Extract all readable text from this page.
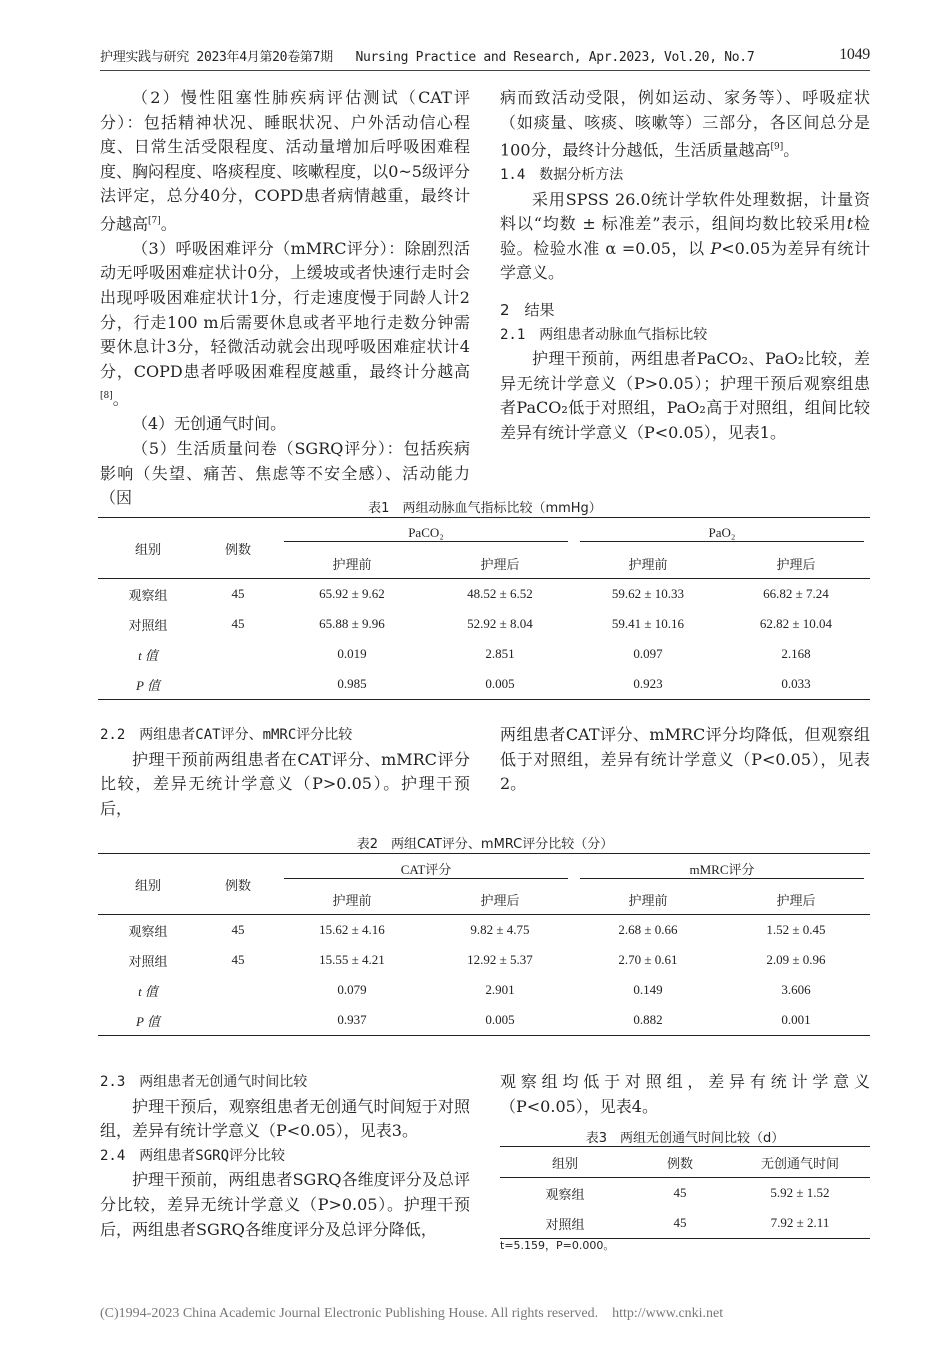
护理实践与研究 2023年4月第20卷第7期 Nursing Practice and Research, Apr.2023, Vol.20, No.7	1049

（2）慢性阻塞性肺疾病评估测试（CAT评分）：包括精神状况、睡眠状况、户外活动信心程度、日常生活受限程度、活动量增加后呼吸困难程度、胸闷程度、咯痰程度、咳嗽程度，以0~5级评分法评定，总分40分，COPD患者病情越重，最终计分越高[7]。

（3）呼吸困难评分（mMRC评分）：除剧烈活动无呼吸困难症状计0分，上缓坡或者快速行走时会出现呼吸困难症状计1分，行走速度慢于同龄人计2分，行走100 m后需要休息或者平地行走数分钟需要休息计3分，轻微活动就会出现呼吸困难症状计4分，COPD患者呼吸困难程度越重，最终计分越高[8]。

（4）无创通气时间。

（5）生活质量问卷（SGRQ评分）：包括疾病影响（失望、痛苦、焦虑等不安全感）、活动能力（因

病而致活动受限，例如运动、家务等）、呼吸症状（如痰量、咳痰、咳嗽等）三部分，各区间总分是100分，最终计分越低，生活质量越高[9]。

1.4　数据分析方法

采用SPSS 26.0统计学软件处理数据，计量资料以“均数 ± 标准差”表示，组间均数比较采用t检验。检验水准 α =0.05，以 P<0.05为差异有统计学意义。

2　结果

2.1　两组患者动脉血气指标比较

护理干预前，两组患者PaCO₂、PaO₂比较，差异无统计学意义（P>0.05）；护理干预后观察组患者PaCO₂低于对照组，PaO₂高于对照组，组间比较差异有统计学意义（P<0.05），见表1。

表1　两组动脉血气指标比较（mmHg）
组别	例数	PaCO₂		PaO₂	
		护理前	护理后	护理前	护理后
观察组	45	65.92 ± 9.62	48.52 ± 6.52	59.62 ± 10.33	66.82 ± 7.24
对照组	45	65.88 ± 9.96	52.92 ± 8.04	59.41 ± 10.16	62.82 ± 10.04
t 值		0.019	2.851	0.097	2.168
P 值		0.985	0.005	0.923	0.033

2.2　两组患者CAT评分、mMRC评分比较

护理干预前两组患者在CAT评分、mMRC评分比较，差异无统计学意义（P>0.05）。护理干预后，

两组患者CAT评分、mMRC评分均降低，但观察组低于对照组，差异有统计学意义（P<0.05），见表2。

表2　两组CAT评分、mMRC评分比较（分）
组别	例数	CAT评分		mMRC评分	
		护理前	护理后	护理前	护理后
观察组	45	15.62 ± 4.16	9.82 ± 4.75	2.68 ± 0.66	1.52 ± 0.45
对照组	45	15.55 ± 4.21	12.92 ± 5.37	2.70 ± 0.61	2.09 ± 0.96
t 值		0.079	2.901	0.149	3.606
P 值		0.937	0.005	0.882	0.001

2.3　两组患者无创通气时间比较

护理干预后，观察组患者无创通气时间短于对照组，差异有统计学意义（P<0.05），见表3。

2.4　两组患者SGRQ评分比较

护理干预前，两组患者SGRQ各维度评分及总评分比较，差异无统计学意义（P>0.05）。护理干预后，两组患者SGRQ各维度评分及总评分降低，

观察组均低于对照组，差异有统计学意义（P<0.05），见表4。

表3　两组无创通气时间比较（d）
组别	例数	无创通气时间
观察组	45	5.92 ± 1.52
对照组	45	7.92 ± 2.11
t=5.159，P=0.000。
(C)1994-2023 China Academic Journal Electronic Publishing House. All rights reserved. http://www.cnki.net
